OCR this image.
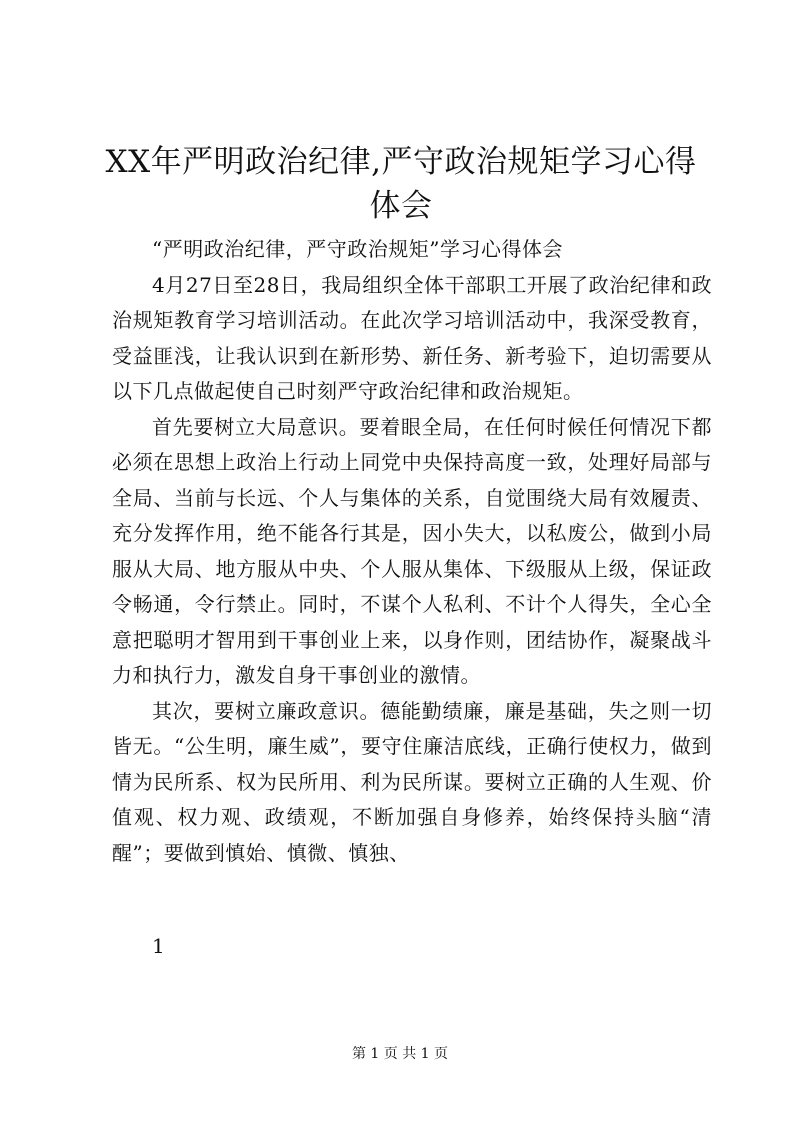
XX年严明政治纪律,严守政治规矩学习心得体会

“严明政治纪律，严守政治规矩”学习心得体会

4月27日至28日，我局组织全体干部职工开展了政治纪律和政治规矩教育学习培训活动。在此次学习培训活动中，我深受教育，受益匪浅，让我认识到在新形势、新任务、新考验下，迫切需要从以下几点做起使自己时刻严守政治纪律和政治规矩。

首先要树立大局意识。要着眼全局，在任何时候任何情况下都必须在思想上政治上行动上同党中央保持高度一致，处理好局部与全局、当前与长远、个人与集体的关系，自觉围绕大局有效履责、充分发挥作用，绝不能各行其是，因小失大，以私废公，做到小局服从大局、地方服从中央、个人服从集体、下级服从上级，保证政令畅通，令行禁止。同时，不谋个人私利、不计个人得失，全心全意把聪明才智用到干事创业上来，以身作则，团结协作，凝聚战斗力和执行力，激发自身干事创业的激情。

其次，要树立廉政意识。德能勤绩廉，廉是基础，失之则一切皆无。“公生明，廉生威”，要守住廉洁底线，正确行使权力，做到情为民所系、权为民所用、利为民所谋。要树立正确的人生观、价值观、权力观、政绩观，不断加强自身修养，始终保持头脑“清醒”；要做到慎始、慎微、慎独、

1

第 1 页 共 1 页
